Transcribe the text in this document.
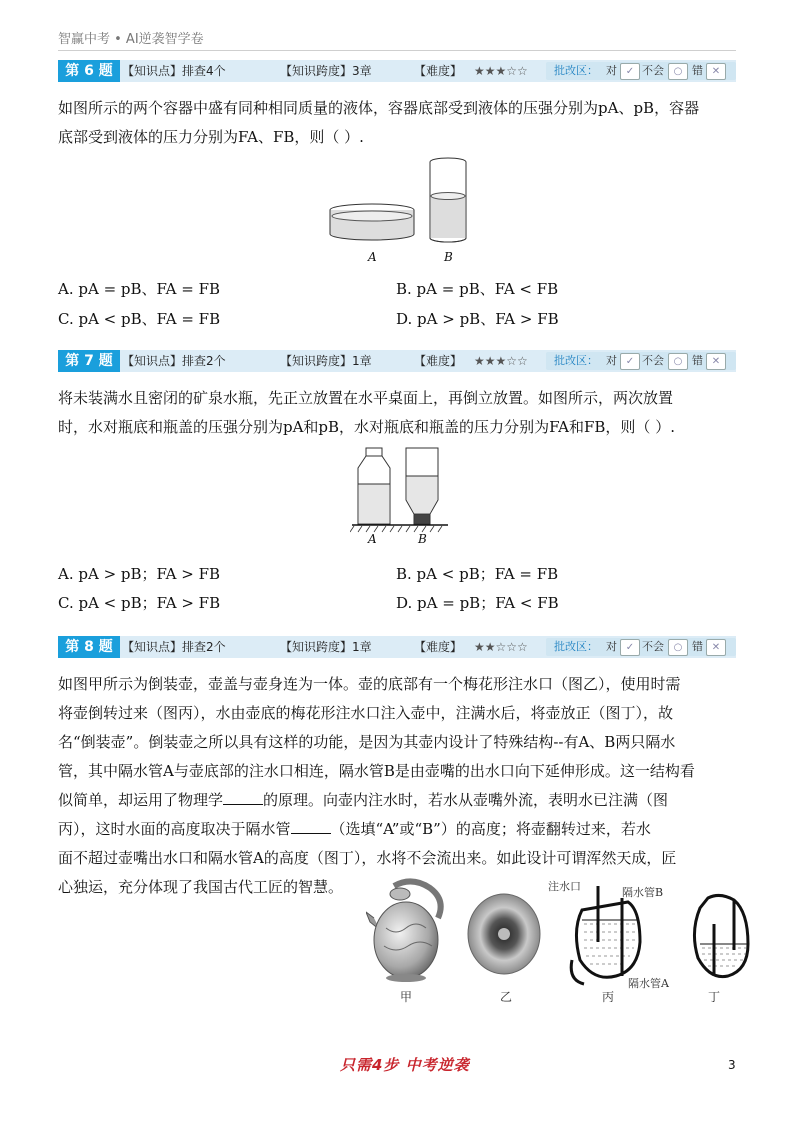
智赢中考 • AI逆袭智学卷
第 6 题 【知识点】排查4个	【知识跨度】3章	【难度】 ★★★☆☆ 批改区： 对 ✓ 不会 ○ 错 ✕
如图所示的两个容器中盛有同种相同质量的液体，容器底部受到液体的压强分别为pA、pB，容器
底部受到液体的压力分别为FA、FB，则（ ）.
A	B
A. pA = pB、FA = FB	B. pA = pB、FA < FB
C. pA < pB、FA = FB	D. pA > pB、FA > FB
第 7 题 【知识点】排查2个	【知识跨度】1章	【难度】 ★★★☆☆ 批改区： 对 ✓ 不会 ○ 错 ✕
将未装满水且密闭的矿泉水瓶，先正立放置在水平桌面上，再倒立放置。如图所示，两次放置
时，水对瓶底和瓶盖的压强分别为pA和pB，水对瓶底和瓶盖的压力分别为FA和FB，则（ ）.
A	B
A. pA > pB；FA > FB	B. pA < pB；FA = FB
C. pA < pB；FA > FB	D. pA = pB；FA < FB
第 8 题 【知识点】排查2个	【知识跨度】1章	【难度】 ★★☆☆☆ 批改区： 对 ✓ 不会 ○ 错 ✕
如图甲所示为倒装壶，壶盖与壶身连为一体。壶的底部有一个梅花形注水口（图乙），使用时需
将壶倒转过来（图丙），水由壶底的梅花形注水口注入壶中，注满水后，将壶放正（图丁），故
名“倒装壶”。倒装壶之所以具有这样的功能，是因为其壶内设计了特殊结构--有A、B两只隔水
管，其中隔水管A与壶底部的注水口相连，隔水管B是由壶嘴的出水口向下延伸形成。这一结构看
似简单，却运用了物理学	的原理。向壶内注水时，若水从壶嘴外流，表明水已注满（图
丙），这时水面的高度取决于隔水管	（选填“A”或“B”）的高度；将壶翻转过来，若水
面不超过壶嘴出水口和隔水管A的高度（图丁），水将不会流出来。如此设计可谓浑然天成，匠
心独运，充分体现了我国古代工匠的智慧。	注水口	隔水管B
隔水管A
甲	乙	丙	丁
只需4步 中考逆袭	3
